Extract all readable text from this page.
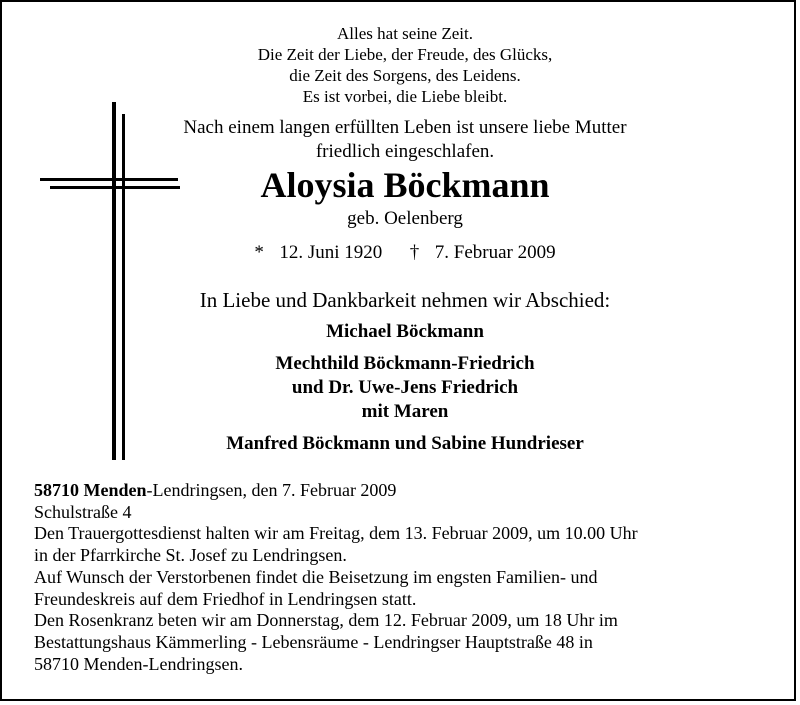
Alles hat seine Zeit.
Die Zeit der Liebe, der Freude, des Glücks,
die Zeit des Sorgens, des Leidens.
Es ist vorbei, die Liebe bleibt.
Nach einem langen erfüllten Leben ist unsere liebe Mutter
friedlich eingeschlafen.
Aloysia Böckmann
geb. Oelenberg
* 12. Juni 1920 † 7. Februar 2009
In Liebe und Dankbarkeit nehmen wir Abschied:
Michael Böckmann
Mechthild Böckmann-Friedrich
und Dr. Uwe-Jens Friedrich
mit Maren
Manfred Böckmann und Sabine Hundrieser
58710 Menden-Lendringsen, den 7. Februar 2009
Schulstraße 4
Den Trauergottesdienst halten wir am Freitag, dem 13. Februar 2009, um 10.00 Uhr
in der Pfarrkirche St. Josef zu Lendringsen.
Auf Wunsch der Verstorbenen findet die Beisetzung im engsten Familien- und
Freundeskreis auf dem Friedhof in Lendringsen statt.
Den Rosenkranz beten wir am Donnerstag, dem 12. Februar 2009, um 18 Uhr im
Bestattungshaus Kämmerling - Lebensräume - Lendringser Hauptstraße 48 in
58710 Menden-Lendringsen.
